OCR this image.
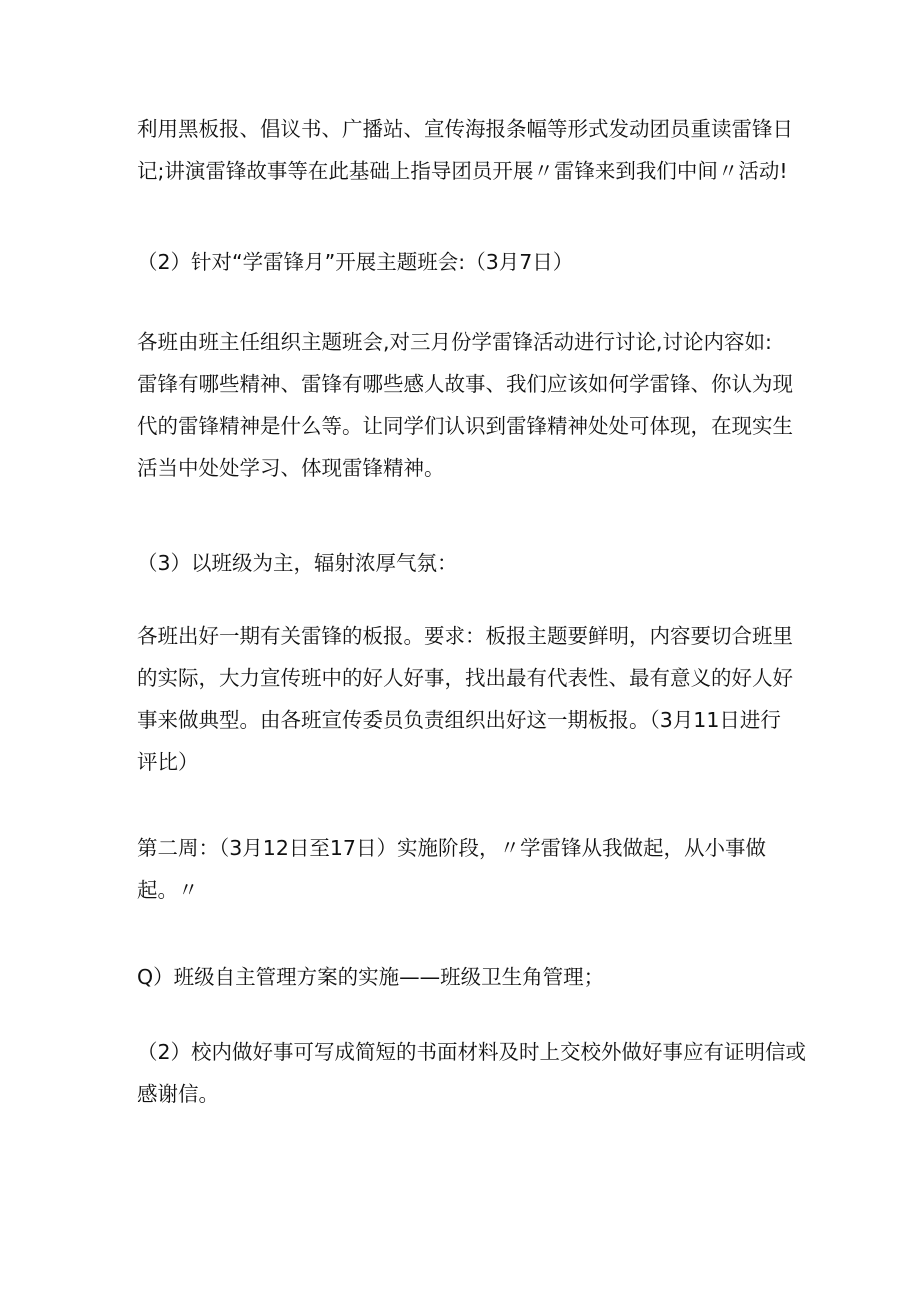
利用黑板报、倡议书、广播站、宣传海报条幅等形式发动团员重读雷锋日
记;讲演雷锋故事等在此基础上指导团员开展〃雷锋来到我们中间〃活动!
（2）针对“学雷锋月”开展主题班会:（3月7日）
各班由班主任组织主题班会,对三月份学雷锋活动进行讨论,讨论内容如:
雷锋有哪些精神、雷锋有哪些感人故事、我们应该如何学雷锋、你认为现
代的雷锋精神是什么等。让同学们认识到雷锋精神处处可体现，在现实生
活当中处处学习、体现雷锋精神。
（3）以班级为主，辐射浓厚气氛：
各班出好一期有关雷锋的板报。要求：板报主题要鲜明，内容要切合班里
的实际，大力宣传班中的好人好事，找出最有代表性、最有意义的好人好
事来做典型。由各班宣传委员负责组织出好这一期板报。（3月11日进行
评比）
第二周：（3月12日至17日）实施阶段，〃学雷锋从我做起，从小事做
起。〃
Q）班级自主管理方案的实施——班级卫生角管理；
（2）校内做好事可写成简短的书面材料及时上交校外做好事应有证明信或
感谢信。
